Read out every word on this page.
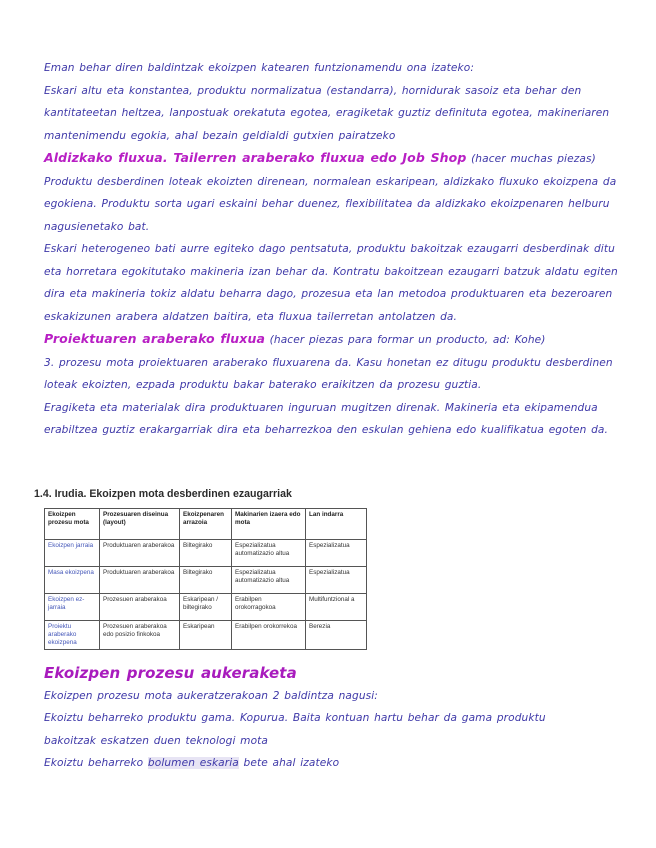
Eman behar diren baldintzak ekoizpen katearen funtzionamendu ona izateko:
Eskari altu eta konstantea, produktu normalizatua (estandarra), hornidurak sasoiz eta behar den kantitateetan heltzea, lanpostuak orekatuta egotea, eragiketak guztiz definituta egotea, makineriaren mantenimendu egokia, ahal bezain geldialdi gutxien pairatzeko
Aldizkako fluxua. Tailerren araberako fluxua edo Job Shop (hacer muchas piezas)
Produktu desberdinen loteak ekoizten direnean, normalean eskaripean, aldizkako fluxuko ekoizpena da egokiena. Produktu sorta ugari eskaini behar duenez, flexibilitatea da aldizkako ekoizpenaren helburu nagusienetako bat.
Eskari heterogeneo bati aurre egiteko dago pentsatuta, produktu bakoitzak ezaugarri desberdinak ditu eta horretara egokitutako makineria izan behar da. Kontratu bakoitzean ezaugarri batzuk aldatu egiten dira eta makineria tokiz aldatu beharra dago, prozesua eta lan metodoa produktuaren eta bezeroaren eskakizunen arabera aldatzen baitira, eta fluxua tailerretan antolatzen da.
Proiektuaren araberako fluxua (hacer piezas para formar un producto, ad: Kohe)
3. prozesu mota proiektuaren araberako fluxuarena da. Kasu honetan ez ditugu produktu desberdinen loteak ekoizten, ezpada produktu bakar baterako eraikitzen da prozesu guztia.
Eragiketa eta materialak dira produktuaren inguruan mugitzen direnak. Makineria eta ekipamendua erabiltzea guztiz erakargarriak dira eta beharrezkoa den eskulan gehiena edo kualifikatua egoten da.
1.4. Irudia. Ekoizpen mota desberdinen ezaugarriak
Ekoizpen prozesu mota	Prozesuaren diseinua (layout)	Ekoizpenaren arrazoia	Makinarien izaera edo mota	Lan indarra
Ekoizpen jarraia	Produktuaren araberakoa	Biltegirako	Espezializatua automatizazio altua	Espezializatua
Masa ekoizpena	Produktuaren araberakoa	Biltegirako	Espezializatua automatizazio altua	Espezializatua
Ekoizpen ez-jarraia	Prozesuen araberakoa	Eskaripean / biltegirako	Erabilpen orokorragokoa	Multifuntzional a
Proiektu araberako ekoizpena	Prozesuen araberakoa edo posizio finkokoa	Eskaripean	Erabilpen orokorrekoa	Berezia
Ekoizpen prozesu aukeraketa
Ekoizpen prozesu mota aukeratzerakoan 2 baldintza nagusi:
Ekoiztu beharreko produktu gama. Kopurua. Baita kontuan hartu behar da gama produktu
bakoitzak eskatzen duen teknologi mota
Ekoiztu beharreko bolumen eskaria bete ahal izateko
